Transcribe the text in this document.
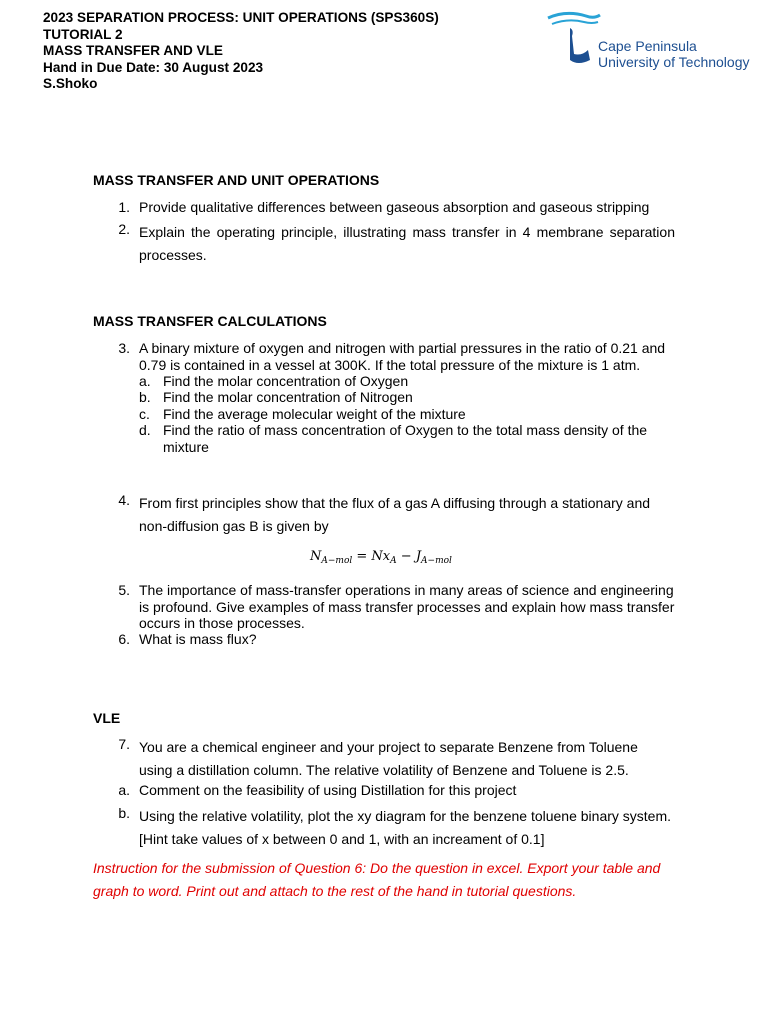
2023 SEPARATION PROCESS: UNIT OPERATIONS (SPS360S)
TUTORIAL 2
MASS TRANSFER AND VLE
Hand in Due Date: 30 August 2023
S.Shoko
Cape Peninsula
University of Technology
MASS TRANSFER AND UNIT OPERATIONS
1. Provide qualitative differences between gaseous absorption and gaseous stripping
2. Explain the operating principle, illustrating mass transfer in 4 membrane separation processes.
MASS TRANSFER CALCULATIONS
3. A binary mixture of oxygen and nitrogen with partial pressures in the ratio of 0.21 and 0.79 is contained in a vessel at 300K. If the total pressure of the mixture is 1 atm.
a. Find the molar concentration of Oxygen
b. Find the molar concentration of Nitrogen
c. Find the average molecular weight of the mixture
d. Find the ratio of mass concentration of Oxygen to the total mass density of the mixture
4. From first principles show that the flux of a gas A diffusing through a stationary and non-diffusion gas B is given by
$N_{A-mol} = Nx_A - J_{A-mol}$
5. The importance of mass-transfer operations in many areas of science and engineering is profound. Give examples of mass transfer processes and explain how mass transfer occurs in those processes.
6. What is mass flux?
VLE
7. You are a chemical engineer and your project to separate Benzene from Toluene using a distillation column. The relative volatility of Benzene and Toluene is 2.5.
a. Comment on the feasibility of using Distillation for this project
b. Using the relative volatility, plot the xy diagram for the benzene toluene binary system. [Hint take values of x between 0 and 1, with an increament of 0.1]
Instruction for the submission of Question 6: Do the question in excel. Export your table and graph to word. Print out and attach to the rest of the hand in tutorial questions.
